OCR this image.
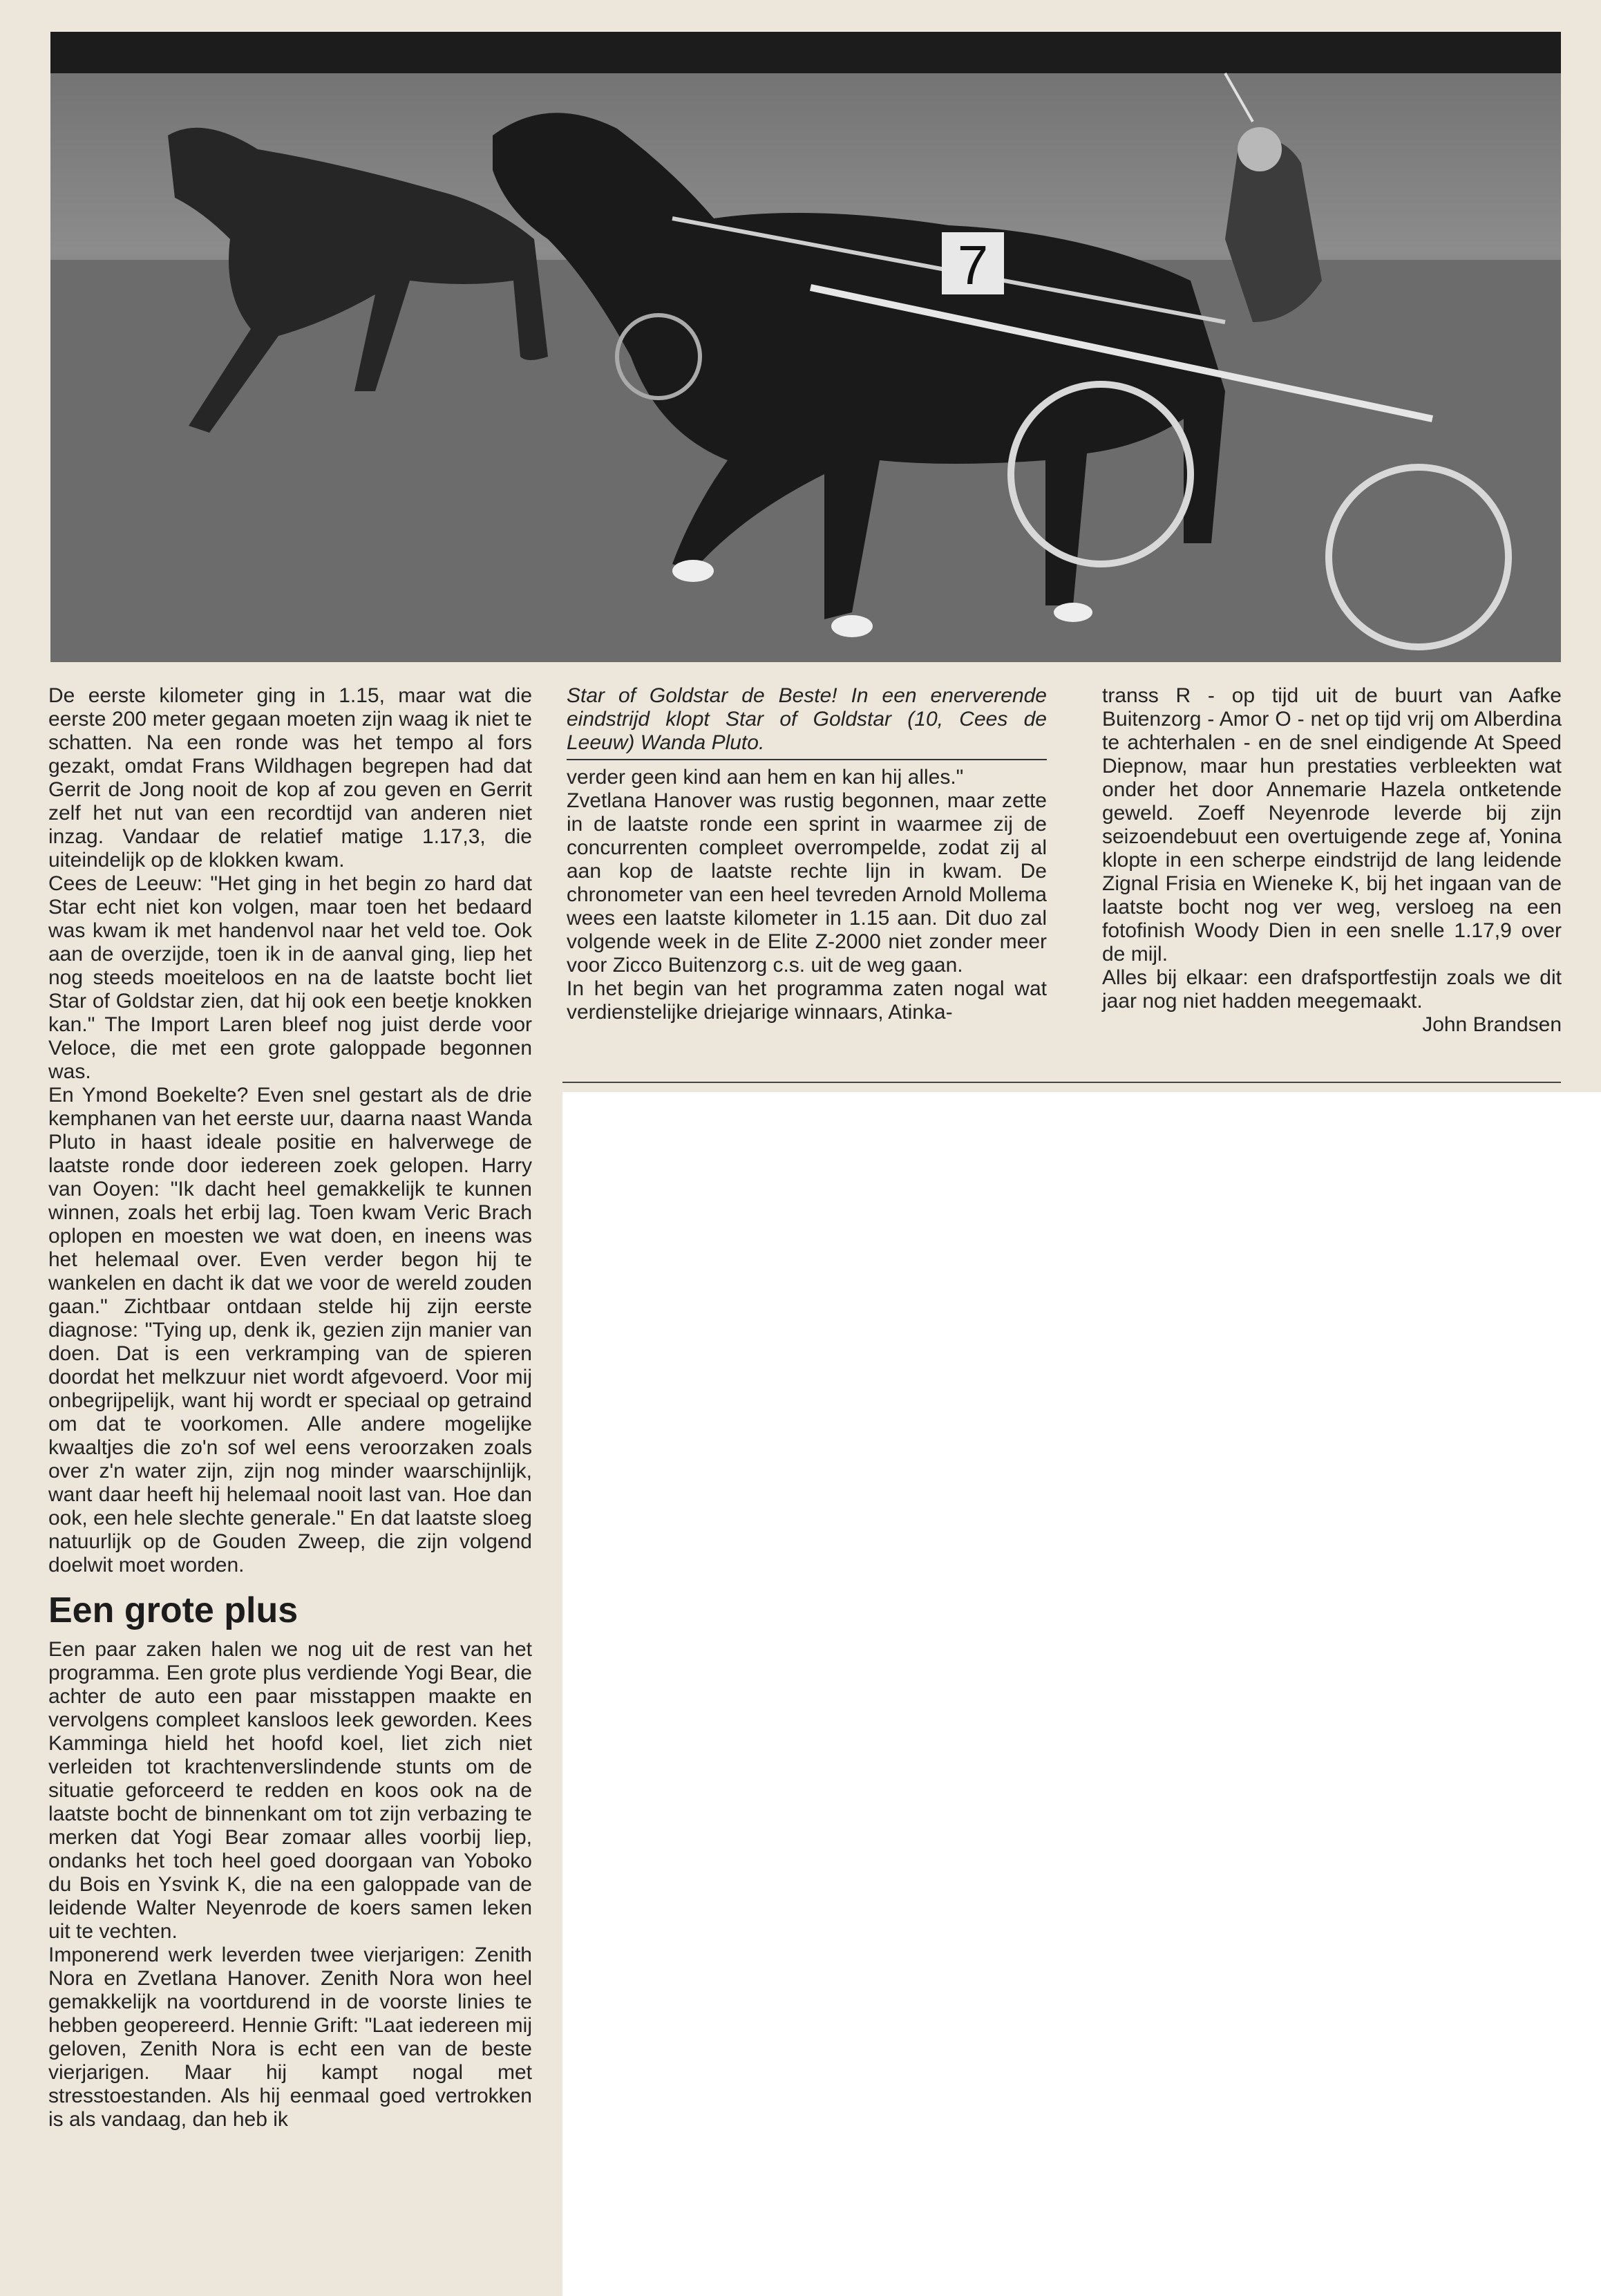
7

De eerste kilometer ging in 1.15, maar wat die eerste 200 meter gegaan moeten zijn waag ik niet te schatten. Na een ronde was het tempo al fors gezakt, omdat Frans Wildhagen begrepen had dat Gerrit de Jong nooit de kop af zou geven en Gerrit zelf het nut van een recordtijd van anderen niet inzag. Vandaar de relatief matige 1.17,3, die uiteindelijk op de klokken kwam.

Cees de Leeuw: "Het ging in het begin zo hard dat Star echt niet kon volgen, maar toen het bedaard was kwam ik met handenvol naar het veld toe. Ook aan de overzijde, toen ik in de aanval ging, liep het nog steeds moeiteloos en na de laatste bocht liet Star of Goldstar zien, dat hij ook een beetje knokken kan." The Import Laren bleef nog juist derde voor Veloce, die met een grote galoppade begonnen was.

En Ymond Boekelte? Even snel gestart als de drie kemphanen van het eerste uur, daarna naast Wanda Pluto in haast ideale positie en halverwege de laatste ronde door iedereen zoek gelopen. Harry van Ooyen: "Ik dacht heel gemakkelijk te kunnen winnen, zoals het erbij lag. Toen kwam Veric Brach oplopen en moesten we wat doen, en ineens was het helemaal over. Even verder begon hij te wankelen en dacht ik dat we voor de wereld zouden gaan." Zichtbaar ontdaan stelde hij zijn eerste diagnose: "Tying up, denk ik, gezien zijn manier van doen. Dat is een verkramping van de spieren doordat het melkzuur niet wordt afgevoerd. Voor mij onbegrijpelijk, want hij wordt er speciaal op getraind om dat te voorkomen. Alle andere mogelijke kwaaltjes die zo'n sof wel eens veroorzaken zoals over z'n water zijn, zijn nog minder waarschijnlijk, want daar heeft hij helemaal nooit last van. Hoe dan ook, een hele slechte generale." En dat laatste sloeg natuurlijk op de Gouden Zweep, die zijn volgend doelwit moet worden.

Een grote plus

Een paar zaken halen we nog uit de rest van het programma. Een grote plus verdiende Yogi Bear, die achter de auto een paar misstappen maakte en vervolgens compleet kansloos leek geworden. Kees Kamminga hield het hoofd koel, liet zich niet verleiden tot krachtenverslindende stunts om de situatie geforceerd te redden en koos ook na de laatste bocht de binnenkant om tot zijn verbazing te merken dat Yogi Bear zomaar alles voorbij liep, ondanks het toch heel goed doorgaan van Yoboko du Bois en Ysvink K, die na een galoppade van de leidende Walter Neyenrode de koers samen leken uit te vechten.

Imponerend werk leverden twee vierjarigen: Zenith Nora en Zvetlana Hanover. Zenith Nora won heel gemakkelijk na voortdurend in de voorste linies te hebben geopereerd. Hennie Grift: "Laat iedereen mij geloven, Zenith Nora is echt een van de beste vierjarigen. Maar hij kampt nogal met stresstoestanden. Als hij eenmaal goed vertrokken is als vandaag, dan heb ik

Star of Goldstar de Beste! In een enerverende eindstrijd klopt Star of Goldstar (10, Cees de Leeuw) Wanda Pluto.

verder geen kind aan hem en kan hij alles."

Zvetlana Hanover was rustig begonnen, maar zette in de laatste ronde een sprint in waarmee zij de concurrenten compleet overrompelde, zodat zij al aan kop de laatste rechte lijn in kwam. De chronometer van een heel tevreden Arnold Mollema wees een laatste kilometer in 1.15 aan. Dit duo zal volgende week in de Elite Z-2000 niet zonder meer voor Zicco Buitenzorg c.s. uit de weg gaan.

In het begin van het programma zaten nogal wat verdienstelijke driejarige winnaars, Atinka-

transs R - op tijd uit de buurt van Aafke Buitenzorg - Amor O - net op tijd vrij om Alberdina te achterhalen - en de snel eindigende At Speed Diepnow, maar hun prestaties verbleekten wat onder het door Annemarie Hazela ontketende geweld. Zoeff Neyenrode leverde bij zijn seizoendebuut een overtuigende zege af, Yonina klopte in een scherpe eindstrijd de lang leidende Zignal Frisia en Wieneke K, bij het ingaan van de laatste bocht nog ver weg, versloeg na een fotofinish Woody Dien in een snelle 1.17,9 over de mijl.

Alles bij elkaar: een drafsportfestijn zoals we dit jaar nog niet hadden meegemaakt.

John Brandsen
